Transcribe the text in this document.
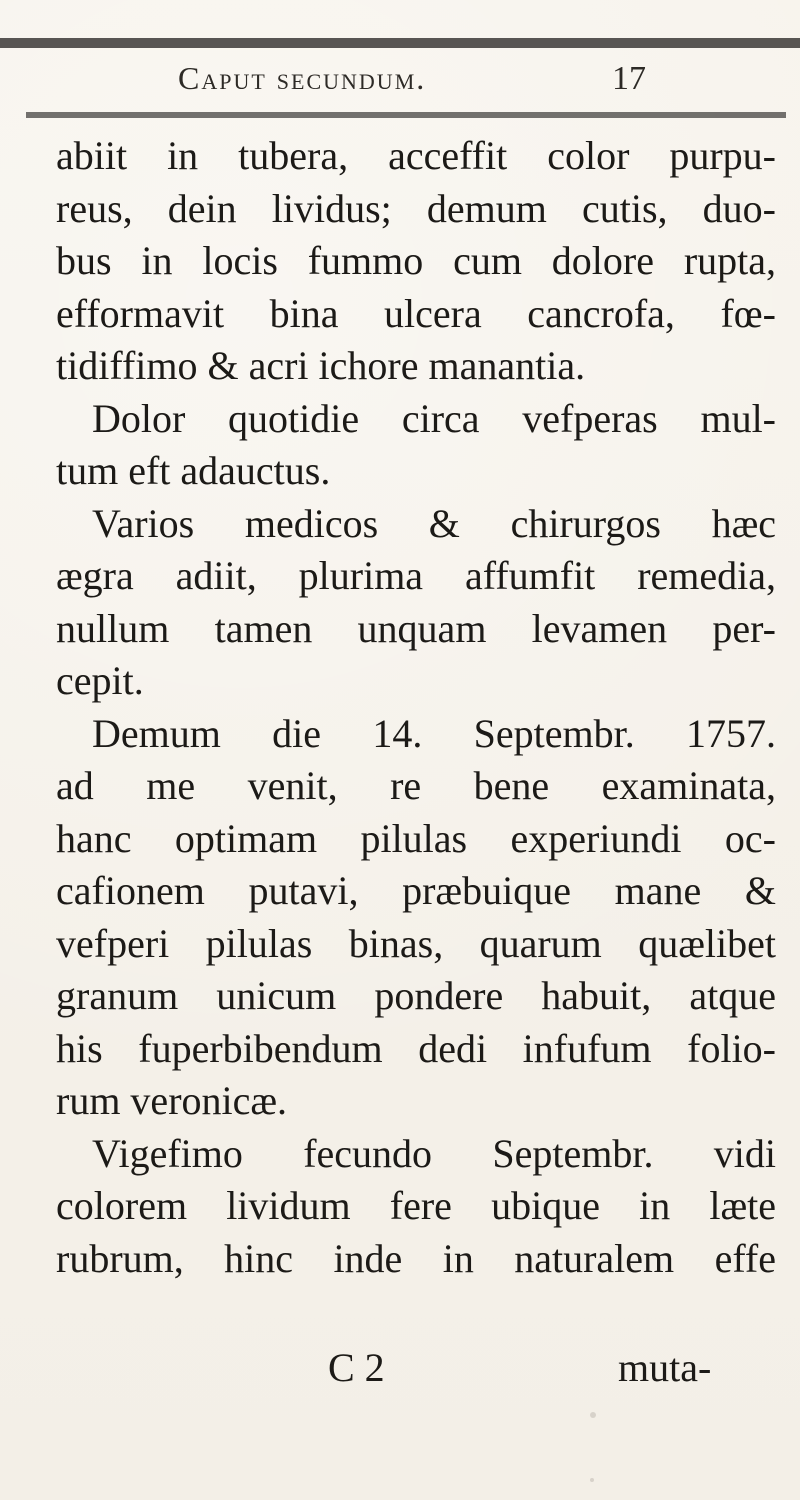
Caput secundum.	17
abiit in tubera, acceffit color purpu-
reus, dein lividus; demum cutis, duo-
bus in locis fummo cum dolore rupta,
efformavit bina ulcera cancrofa, fœ-
tidiffimo & acri ichore manantia.
Dolor quotidie circa vefperas mul-
tum eft adauctus.
Varios medicos & chirurgos hæc
ægra adiit, plurima affumfit remedia,
nullum tamen unquam levamen per-
cepit.
Demum die 14. Septembr. 1757.
ad me venit, re bene examinata,
hanc optimam pilulas experiundi oc-
cafionem putavi, præbuique mane &
vefperi pilulas binas, quarum quælibet
granum unicum pondere habuit, atque
his fuperbibendum dedi infufum folio-
rum veronicæ.
Vigefimo fecundo Septembr. vidi
colorem lividum fere ubique in læte
rubrum, hinc inde in naturalem effe
C 2	muta-
